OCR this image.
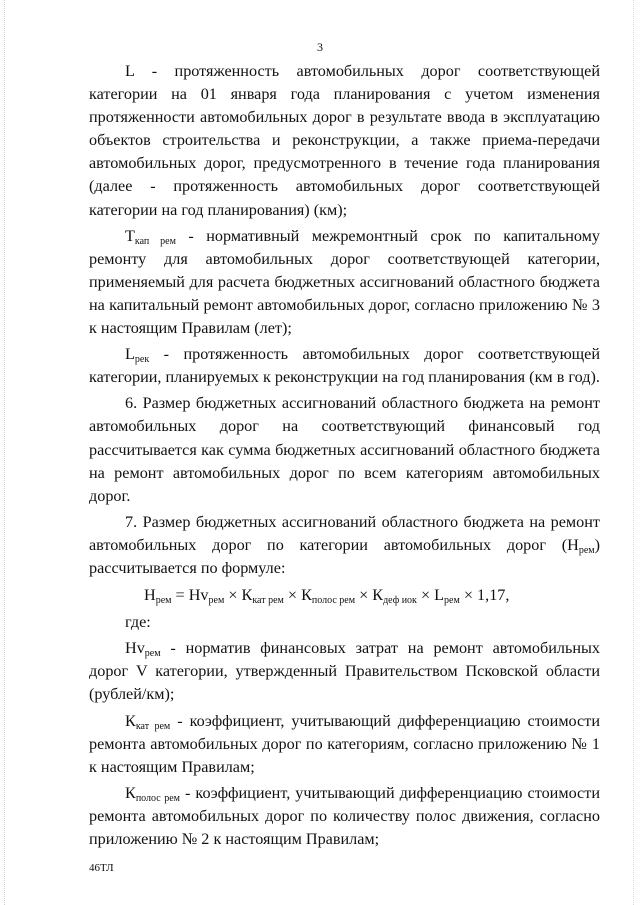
3

L - протяженность автомобильных дорог соответствующей категории на 01 января года планирования с учетом изменения протяженности автомобильных дорог в результате ввода в эксплуатацию объектов строительства и реконструкции, а также приема-передачи автомобильных дорог, предусмотренного в течение года планирования (далее - протяженность автомобильных дорог соответствующей категории на год планирования) (км);

$T_{кап рем}$ - нормативный межремонтный срок по капитальному ремонту для автомобильных дорог соответствующей категории, применяемый для расчета бюджетных ассигнований областного бюджета на капитальный ремонт автомобильных дорог, согласно приложению № 3 к настоящим Правилам (лет);

$L_{рек}$ - протяженность автомобильных дорог соответствующей категории, планируемых к реконструкции на год планирования (км в год).

6. Размер бюджетных ассигнований областного бюджета на ремонт автомобильных дорог на соответствующий финансовый год рассчитывается как сумма бюджетных ассигнований областного бюджета на ремонт автомобильных дорог по всем категориям автомобильных дорог.

7. Размер бюджетных ассигнований областного бюджета на ремонт автомобильных дорог по категории автомобильных дорог $(Н_{рем})$ рассчитывается по формуле:

$Н_{рем} = Нv_{рем} \times К_{кат рем} \times К_{полос рем} \times К_{деф иок} \times L_{рем} \times 1,17$,

где:

$Нv_{рем}$ - норматив финансовых затрат на ремонт автомобильных дорог V категории, утвержденный Правительством Псковской области (рублей/км);

$К_{кат рем}$ - коэффициент, учитывающий дифференциацию стоимости ремонта автомобильных дорог по категориям, согласно приложению № 1 к настоящим Правилам;

$К_{полос рем}$ - коэффициент, учитывающий дифференциацию стоимости ремонта автомобильных дорог по количеству полос движения, согласно приложению № 2 к настоящим Правилам;

46ТЛ
